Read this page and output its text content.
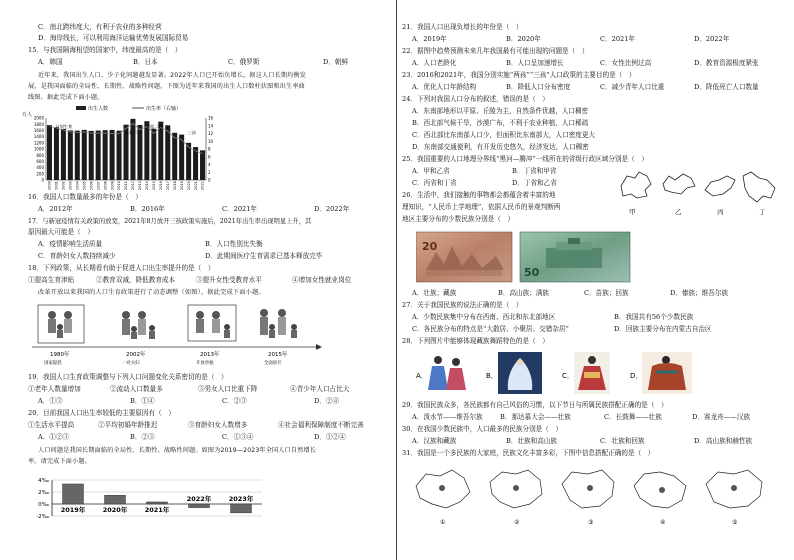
C．南北跨纬度大，有利于农业的多种经营
D．海岸线长，可以利用海洋运输优势发展国际贸易
15．与我国隔海相望的国家中，纬度最高的是（　）
A．韩国	B．日本	C．俄罗斯	D．朝鲜
近年来，我国出生人口、少子化问题越发显著。2022年人口已开始负增长，据这人口长期均衡发
展，是我国面临的全局性、长期性、战略性问题。下图为近年来我国的出生人口数柱状图和出生率曲
线图。据此完成下面小题。
出生人数	出生率（右轴）
万人
0
200
400
600
800
1000
1200
1400
1600
1800
2000
0
2
4
6
8
10
12
14
16
2000 2001 2002 2003 2004 2005 2006 2007 2008 2009 2010 2011 2012 2013 2014 2015 2016 2017 2018 2019 2020 2021 2022
计划生育
单独二孩
全面二孩
三孩
16．我国人口数量最多的年份是（　）
A．2012年	B．2016年	C．2021年	D．2022年
17．与新冠疫情有关政策的放宽，2021年8月放开三孩政策实施后，2021年出生率出现明显上升，其
原因最大可能是（　）
A．疫情影响生活质量	B．人口性别比失衡
C．育龄妇女人数持续减少	D．此期间医疗生育需求已基本释放完毕
18．下列政策，从长期看有助于促进人口出生率提升的是（　）
①提高生育津贴	②教育双减，降低教育成本	③提升女性受教育水平	④增加女性就业岗位
改革开放以来我国的人口生育政策进行了动态调整（如图），据此完成下面小题。
1980年	2002年	2013年	2015年
国家提倡	一对夫妇	开放单独	全面放开
19．我国人口生育政策调整与下列人口问题变化关系密切的是（　）
①老年人数量增加	②流动人口数量多	③男女人口比重下降	④青少年人口占比大
A．①③	B．①④	C．②③	D．②④
20．目前我国人口出生率较低的主要原因有（　）
①生活水平提高	②平均初婚年龄推迟	③育龄妇女人数增多	④社会福利保障制度不断完善
A．①②③	B．②③	C．①③④	D．①②④
人口问题是我国长期面临的全局性、长期性、战略性问题。如图为2019—2023年全国人口自然增长
率。请完成下面小题。
4‰
2‰
0‰
-2‰
2019年	2020年	2021年
2022年	2023年
21．我国人口出现负增长的年份是（　）
A．2019年	B．2020年	C．2021年	D．2022年
22．据图中趋势预测未来几年我国最有可能出现的问题是（　）
A．人口老龄化	B．人口呈加速增长	C．女性比例过高	D．教育资源极度紧张
23．2016和2021年，我国分别实施“两孩”“三孩”人口政策的主要目的是（　）
A．优化人口年龄结构	B．降低人口分布密度	C．减少青年人口比重	D．降低死亡人口数量
24．下列对我国人口分布的叙述，错误的是（　）
A．东南部地形以平原、丘陵为主，自然条件优越，人口稠密
B．西北部气候干旱，沙漠广布，不利于农业种植，人口稀疏
C．西北部比东南部人口少，但面积比东南部大，人口密度更大
D．东南部交通便利，有开发历史悠久，经济发达，人口稠密
25．我国重要的人口地理分界线“黑河—腾冲”一线所在的省级行政区域分别是（　）
A．甲和乙省	B．丁省和甲省
C．丙省和丁省	D．丁省和乙省
甲	乙	丙	丁
26．生活中，我们接触的事物都会都蕴含着丰富的地
理知识，“人民币上学地理”，依据人民币的景观判断两
地区主要分布的少数民族分别是（　）
20
50
A．壮族；藏族	B．高山族；满族	C．苗族；回族	D．傣族；维吾尔族
27．关于我国民族的说法正确的是（　）
A．少数民族集中分布在西南、西北和东北部地区	B．我国共有56个少数民族
C．各民族分布的特点是“大散居、小聚居、交错杂居”	D．回族主要分布在内蒙古自治区
28．下列图片中能够体现藏族舞蹈特色的是（　）
A．	B．	C．	D．
29．我国民族众多，各民族都有自己风俗的习惯，以下节日与所属民族搭配正确的是（　）
A．泼水节——维吾尔族	B．那达慕大会——壮族	C．长鼓舞——壮族	D．赛龙舟——汉族
30．在我国少数民族中，人口最多的民族分别是（　）
A．汉族和藏族	B．壮族和高山族	C．壮族和回族	D．高山族和赫哲族
31．我国是一个多民族的大家庭，民族文化丰富多彩，下图中信息搭配正确的是（　）
①	②	③	④	⑤
